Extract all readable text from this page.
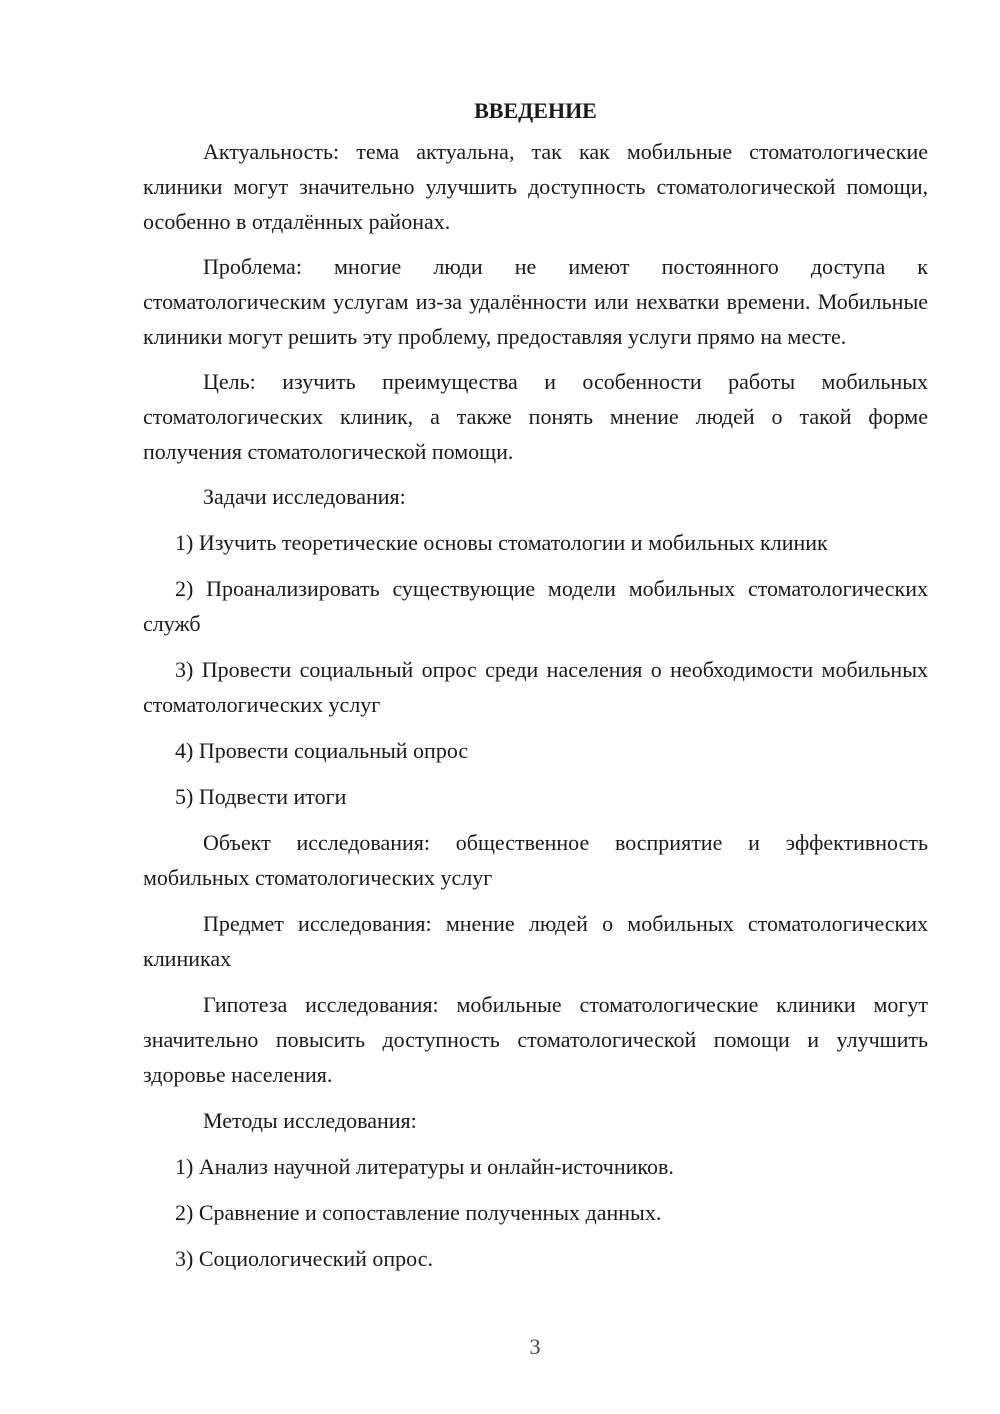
ВВЕДЕНИЕ

Актуальность: тема актуальна, так как мобильные стоматологические клиники могут значительно улучшить доступность стоматологической помощи, особенно в отдалённых районах.

Проблема: многие люди не имеют постоянного доступа к стоматологическим услугам из-за удалённости или нехватки времени. Мобильные клиники могут решить эту проблему, предоставляя услуги прямо на месте.

Цель: изучить преимущества и особенности работы мобильных стоматологических клиник, а также понять мнение людей о такой форме получения стоматологической помощи.

Задачи исследования:

1) Изучить теоретические основы стоматологии и мобильных клиник

2) Проанализировать существующие модели мобильных стоматологических служб

3) Провести социальный опрос среди населения о необходимости мобильных стоматологических услуг

4) Провести социальный опрос

5) Подвести итоги

Объект исследования: общественное восприятие и эффективность мобильных стоматологических услуг

Предмет исследования: мнение людей о мобильных стоматологических клиниках

Гипотеза исследования: мобильные стоматологические клиники могут значительно повысить доступность стоматологической помощи и улучшить здоровье населения.

Методы исследования:

1) Анализ научной литературы и онлайн-источников.

2) Сравнение и сопоставление полученных данных.

3) Социологический опрос.

3
